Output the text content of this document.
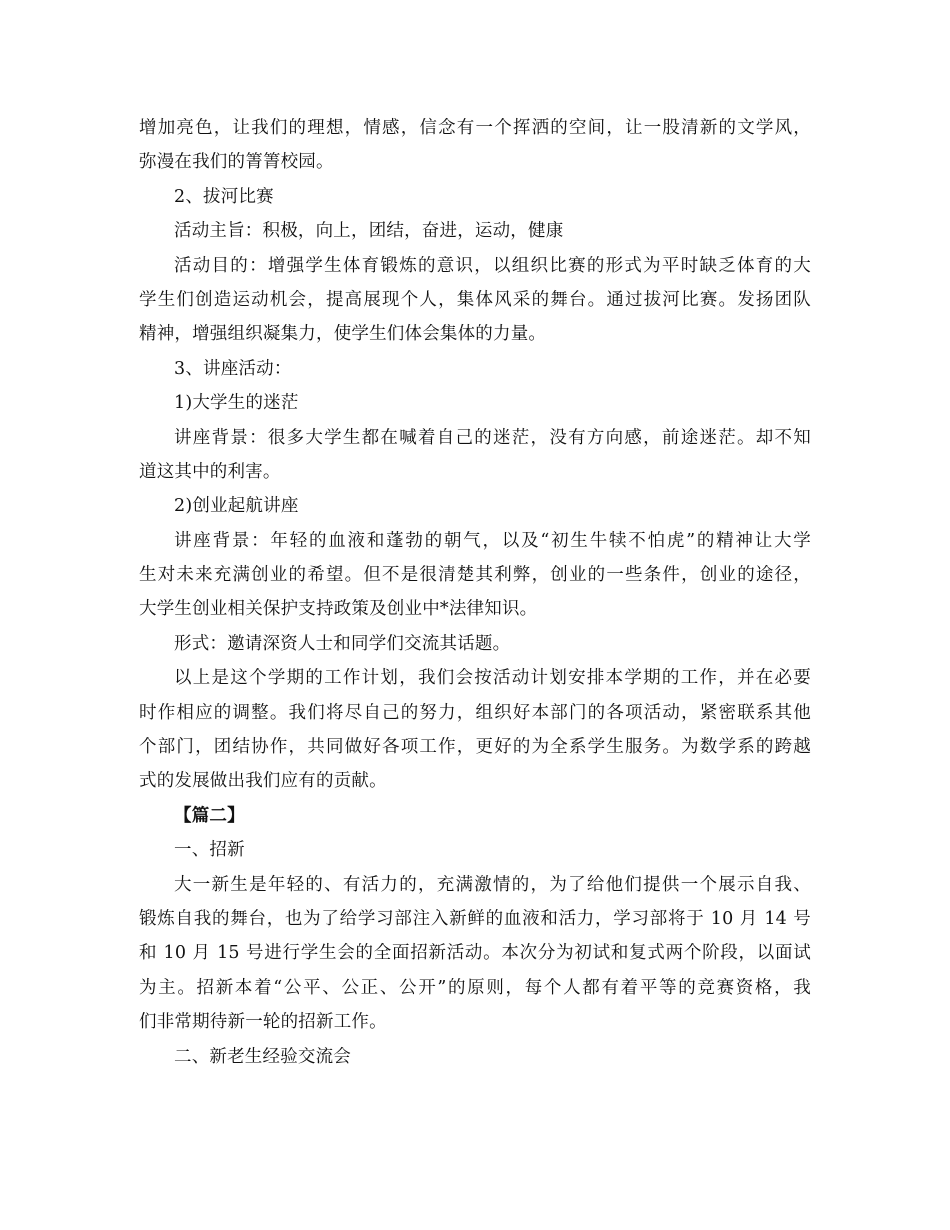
增加亮色，让我们的理想，情感，信念有一个挥洒的空间，让一股清新的文学风，
弥漫在我们的箐箐校园。
2、拔河比赛
活动主旨：积极，向上，团结，奋进，运动，健康
活动目的：增强学生体育锻炼的意识，以组织比赛的形式为平时缺乏体育的大
学生们创造运动机会，提高展现个人，集体风采的舞台。通过拔河比赛。发扬团队
精神，增强组织凝集力，使学生们体会集体的力量。
3、讲座活动：
1)大学生的迷茫
讲座背景：很多大学生都在喊着自己的迷茫，没有方向感，前途迷茫。却不知
道这其中的利害。
2)创业起航讲座
讲座背景：年轻的血液和蓬勃的朝气，以及“初生牛犊不怕虎”的精神让大学
生对未来充满创业的希望。但不是很清楚其利弊，创业的一些条件，创业的途径，
大学生创业相关保护支持政策及创业中*法律知识。
形式：邀请深资人士和同学们交流其话题。
以上是这个学期的工作计划，我们会按活动计划安排本学期的工作，并在必要
时作相应的调整。我们将尽自己的努力，组织好本部门的各项活动，紧密联系其他
个部门，团结协作，共同做好各项工作，更好的为全系学生服务。为数学系的跨越
式的发展做出我们应有的贡献。
【篇二】
一、招新
大一新生是年轻的、有活力的，充满激情的，为了给他们提供一个展示自我、
锻炼自我的舞台，也为了给学习部注入新鲜的血液和活力，学习部将于 10 月 14 号
和 10 月 15 号进行学生会的全面招新活动。本次分为初试和复式两个阶段，以面试
为主。招新本着“公平、公正、公开”的原则，每个人都有着平等的竞赛资格，我
们非常期待新一轮的招新工作。
二、新老生经验交流会
